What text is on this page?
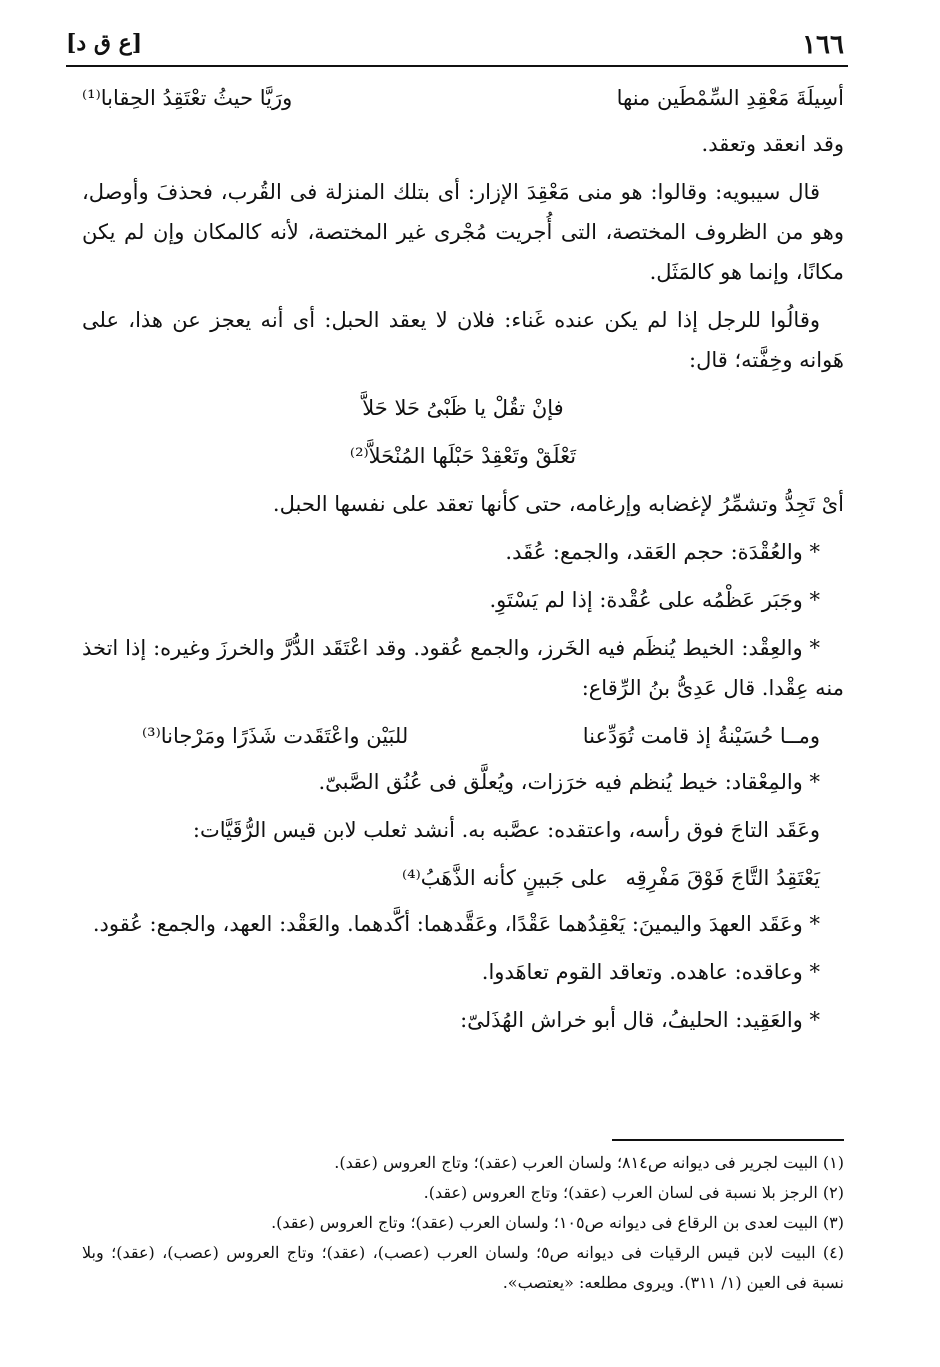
١٦٦
[ع ق د]
أسِيلَةَ مَعْقِدِ السِّمْطَين منها
ورَيَّا حيثُ تعْتَقِدُ الحِقابا⁽¹⁾

وقد انعقد وتعقد.

قال سيبويه: وقالوا: هو منى مَعْقِدَ الإزار: أى بتلك المنزلة فى القُرب، فحذفَ وأوصل، وهو من الظروف المختصة، التى أُجريت مُجْرى غير المختصة، لأنه كالمكان وإن لم يكن مكانًا، وإنما هو كالمَثَل.

وقالُوا للرجل إذا لم يكن عنده غَناء: فلان لا يعقد الحبل: أى أنه يعجز عن هذا، على هَوانه وخِفَّته؛ قال:

فإنْ تقُلْ يا ظَبْىُ حَلا حَلاَّ

تَعْلَقْ وتَعْقِدْ حَبْلَها المُنْحَلاَّ⁽²⁾

أىْ تَجِدُّ وتشمِّرُ لإغضابه وإرغامه، حتى كأنها تعقد على نفسها الحبل.

* والعُقْدَة: حجم العَقد، والجمع: عُقَد.

* وجَبَر عَظْمُه على عُقْدة: إذا لم يَسْتَوِ.

* والعِقْد: الخيط يُنظَم فيه الخَرز، والجمع عُقود. وقد اعْتَقَد الدُّرَّ والخرزَ وغيره: إذا اتخذ منه عِقْدا. قال عَدِىُّ بنُ الرِّقاع:

ومــا حُسَيْنةُ إذ قامت تُوَدِّعنا
للبَيْن واعْتَقَدت شَذَرًا ومَرْجانا⁽³⁾

* والمِعْقاد: خيط يُنظم فيه خرَزات، ويُعلَّق فى عُنُق الصَّبىّ.

وعَقَد التاجَ فوق رأسه، واعتقده: عصَّبه به. أنشد ثعلب لابن قيس الرُّقَيَّات:

يَعْتَقِدُ التَّاجَ فَوْقَ مَفْرِقِه
على جَبينٍ كأنه الذَّهَبُ⁽⁴⁾

* وعَقَد العهدَ واليمينَ: يَعْقِدُهما عَقْدًا، وعَقَّدهما: أكَّدهما. والعَقْد: العهد، والجمع: عُقود.

* وعاقده: عاهده. وتعاقد القوم تعاهَدوا.

* والعَقِيد: الحليفُ، قال أبو خراش الهُذَلىّ:

(١) البيت لجرير فى ديوانه ص٨١٤؛ ولسان العرب (عقد)؛ وتاج العروس (عقد).

(٢) الرجز بلا نسبة فى لسان العرب (عقد)؛ وتاج العروس (عقد).

(٣) البيت لعدى بن الرقاع فى ديوانه ص١٠٥؛ ولسان العرب (عقد)؛ وتاج العروس (عقد).

(٤) البيت لابن قيس الرقيات فى ديوانه ص٥؛ ولسان العرب (عصب)، (عقد)؛ وتاج العروس (عصب)، (عقد)؛ وبلا نسبة فى العين (١/ ٣١١). ويروى مطلعه: «يعتصب».
